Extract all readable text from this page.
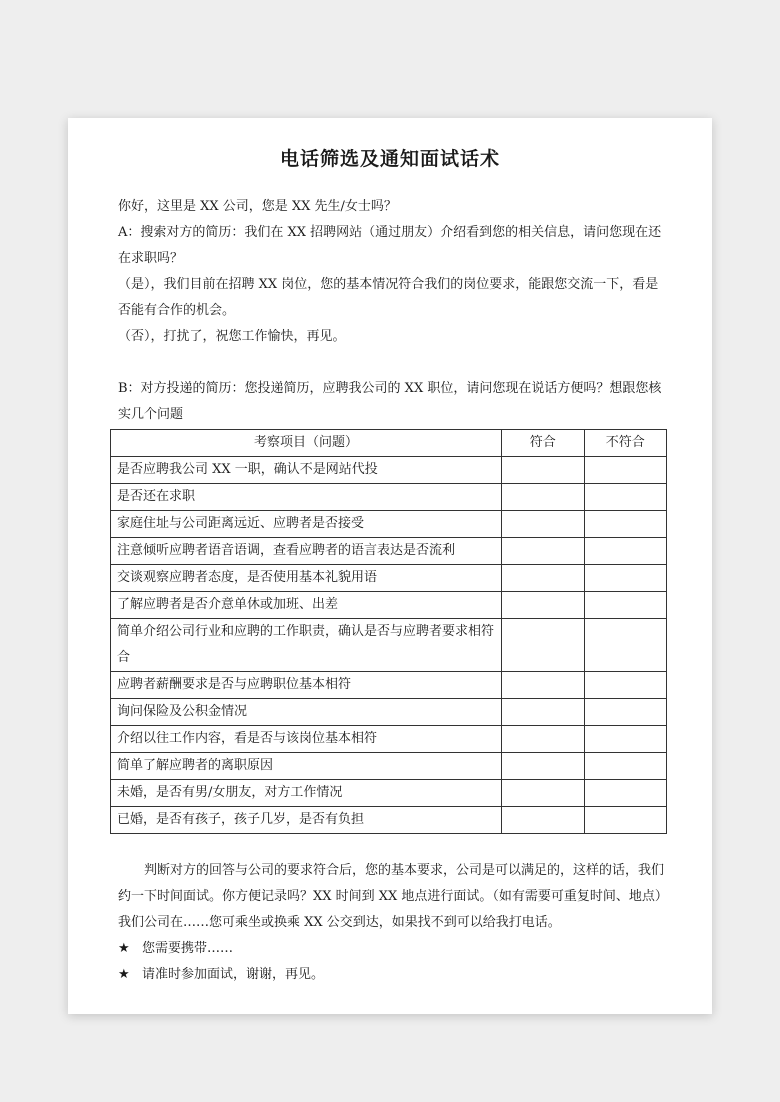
电话筛选及通知面试话术

你好，这里是 XX 公司，您是 XX 先生/女士吗？

A：搜索对方的简历：我们在 XX 招聘网站（通过朋友）介绍看到您的相关信息，请问您现在还在求职吗？

（是），我们目前在招聘 XX 岗位，您的基本情况符合我们的岗位要求，能跟您交流一下，看是否能有合作的机会。

（否），打扰了，祝您工作愉快，再见。

B：对方投递的简历：您投递简历，应聘我公司的 XX 职位，请问您现在说话方便吗？想跟您核实几个问题

考察项目（问题）	符合	不符合
是否应聘我公司 XX 一职，确认不是网站代投		
是否还在求职		
家庭住址与公司距离远近、应聘者是否接受		
注意倾听应聘者语音语调，查看应聘者的语言表达是否流利		
交谈观察应聘者态度，是否使用基本礼貌用语		
了解应聘者是否介意单休或加班、出差		
简单介绍公司行业和应聘的工作职责，确认是否与应聘者要求相符合		
应聘者薪酬要求是否与应聘职位基本相符		
询问保险及公积金情况		
介绍以往工作内容，看是否与该岗位基本相符		
简单了解应聘者的离职原因		
未婚，是否有男/女朋友，对方工作情况		
已婚，是否有孩子，孩子几岁，是否有负担		

判断对方的回答与公司的要求符合后，您的基本要求，公司是可以满足的，这样的话，我们约一下时间面试。你方便记录吗？XX 时间到 XX 地点进行面试。（如有需要可重复时间、地点）我们公司在……您可乘坐或换乘 XX 公交到达，如果找不到可以给我打电话。

★ 您需要携带……
★ 请准时参加面试，谢谢，再见。
